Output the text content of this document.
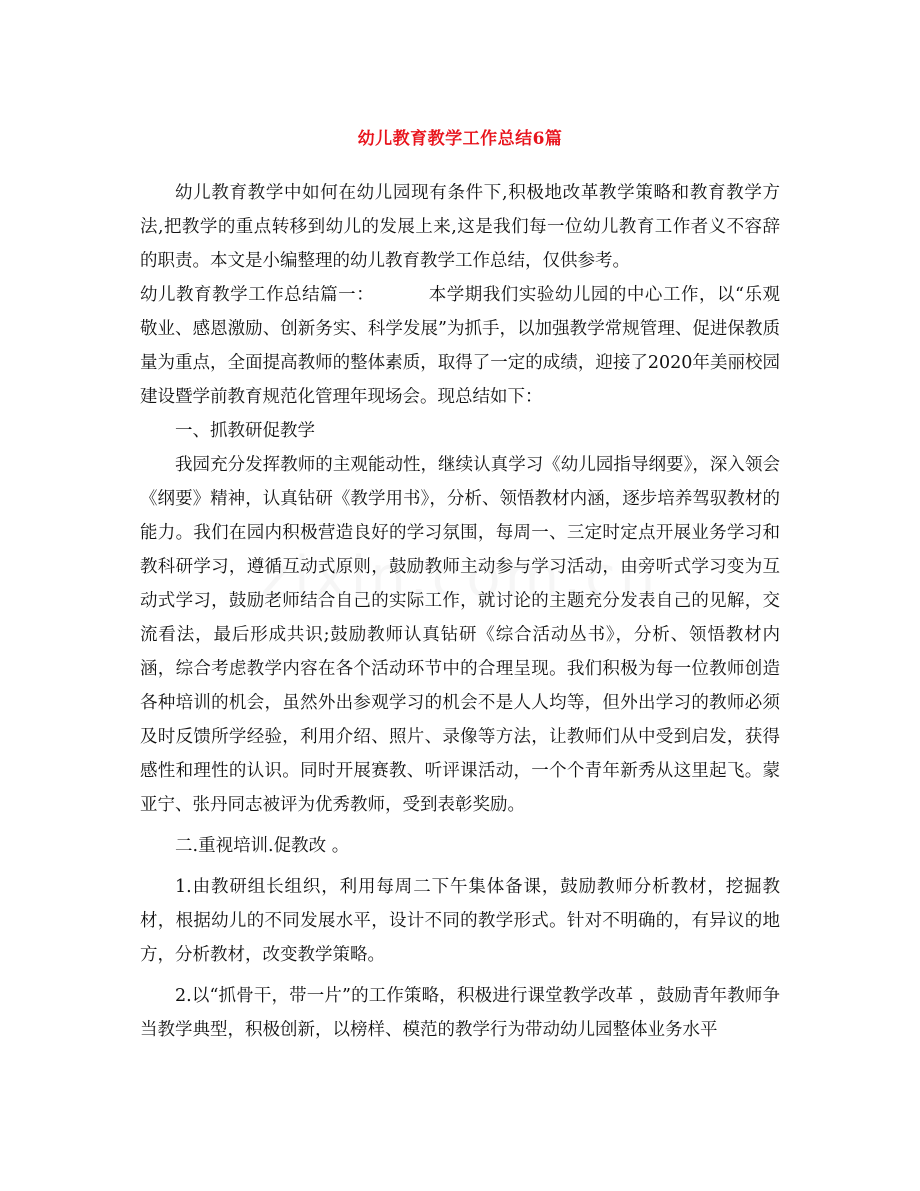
幼儿教育教学工作总结6篇

幼儿教育教学中如何在幼儿园现有条件下,积极地改革教学策略和教育教学方法,把教学的重点转移到幼儿的发展上来,这是我们每一位幼儿教育工作者义不容辞的职责。本文是小编整理的幼儿教育教学工作总结，仅供参考。

幼儿教育教学工作总结篇一：	本学期我们实验幼儿园的中心工作，以“乐观敬业、感恩激励、创新务实、科学发展”为抓手，以加强教学常规管理、促进保教质量为重点，全面提高教师的整体素质，取得了一定的成绩，迎接了2020年美丽校园建设暨学前教育规范化管理年现场会。现总结如下：

一、抓教研促教学

我园充分发挥教师的主观能动性，继续认真学习《幼儿园指导纲要》，深入领会《纲要》精神，认真钻研《教学用书》，分析、领悟教材内涵，逐步培养驾驭教材的能力。我们在园内积极营造良好的学习氛围，每周一、三定时定点开展业务学习和教科研学习，遵循互动式原则，鼓励教师主动参与学习活动，由旁听式学习变为互动式学习，鼓励老师结合自己的实际工作，就讨论的主题充分发表自己的见解，交流看法，最后形成共识;鼓励教师认真钻研《综合活动丛书》，分析、领悟教材内涵，综合考虑教学内容在各个活动环节中的合理呈现。我们积极为每一位教师创造各种培训的机会，虽然外出参观学习的机会不是人人均等，但外出学习的教师必须及时反馈所学经验，利用介绍、照片、录像等方法，让教师们从中受到启发，获得感性和理性的认识。同时开展赛教、听评课活动，一个个青年新秀从这里起飞。蒙亚宁、张丹同志被评为优秀教师，受到表彰奖励。

二.重视培训.促教改 。

1.由教研组长组织，利用每周二下午集体备课，鼓励教师分析教材，挖掘教材，根据幼儿的不同发展水平，设计不同的教学形式。针对不明确的，有异议的地方，分析教材，改变教学策略。

2.以“抓骨干，带一片”的工作策略，积极进行课堂教学改革 ，鼓励青年教师争当教学典型，积极创新，以榜样、模范的教学行为带动幼儿园整体业务水平
